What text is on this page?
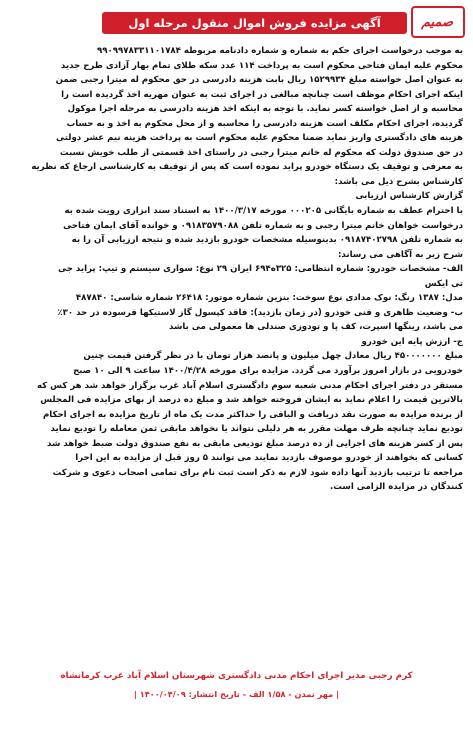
صمیم
آگهی مزایده فروش اموال منقول مرحله اول
به موجب درخواست اجرای حکم به شماره و شماره دادنامه مربوطه ۹۹۰۹۹۷۸۳۳۱۱۰۱۷۸۴
محکوم علیه ایمان فتاحی محکوم است به پرداخت ۱۱۴ عدد سکه طلای تمام بهار آزادی طرح جدید
به عنوان اصل خواسته مبلغ ۱۵۲۹۹۳۴ ریال بابت هزینه دادرسی در حق محکوم له میترا رجبی ضمن
اینکه اجرای احکام موظف است چنانچه مبالغی در اجرای ثبت به عنوان مهریه اخذ گردیده است را
محاسبه و از اصل خواسته کسر نماید. با توجه به اینکه اخذ هزینه دادرسی به مرحله اجرا موکول
گردیده، اجرای احکام مکلف است هزینه دادرسی را محاسبه و از محل محکوم به اخذ و به حساب
هزینه های دادگستری واریز نماید ضمنا محکوم علیه محکوم است به پرداخت هزینه نیم عشر دولتی
در حق صندوق دولت که محکوم له خانم میترا رجبی در راستای اخذ قسمتی از طلب خویش نسبت
به معرفی و توقیف یک دستگاه خودرو پراید نموده است که پس از توقیف به کارشناسی ارجاع که نظریه
کارشناس بشرح ذیل می باشد:
گزارش کارشناس ارزیابی
با احترام عطف به شماره بایگانی ۰۰۰۲۰۵ مورخه ۱۴۰۰/۳/۱۷ به استناد سند ابزاری رویت شده به
درخواست خواهان خانم میترا رجبی و به شماره تلفن ۰۹۱۸۳۵۷۹۰۸۸ و خوانده آقای ایمان فتاحی
به شماره تلفن ۰۹۱۸۷۴۰۲۷۹۸ بدینوسیله مشخصات خودرو بازدید شده و نتیجه ارزیابی آن را به
شرح زیر به آگاهی می رساند:
الف- مشخصات خودرو: شماره انتظامی: ۳۲۵ه۶۹۴ ایران ۲۹ نوع: سواری سیستم و تیپ: پراید جی
تی ایکس
مدل: ۱۳۸۷ رنگ: نوک مدادی نوع سوخت: بنزین شماره موتور: ۲۶۴۱۸ شماره شاسی: ۴۸۷۸۴۰
ب- وضعیت ظاهری و فنی خودرو (در زمان بازدید): فاقد کپسول گاز لاستیکها فرسوده در حد ۳۰٪
می باشد، رینگها اسپرت، کف پا و تودوزی صندلی ها معمولی می باشد
ج- ارزش پایه این خودرو
مبلغ ۴۵۰۰۰۰۰۰۰ ریال معادل چهل میلیون و پانصد هزار تومان با در نظر گرفتن قیمت چنین
خودرویی در بازار امروز برآورد می گردد. مزایده برای مورخه ۱۴۰۰/۴/۲۸ ساعت ۹ الی ۱۰ صبح
مستقر در دفتر اجرای احکام مدنی شعبه سوم دادگستری اسلام آباد غرب برگزار خواهد شد هر کس که
بالاترین قیمت را اعلام نماید به ایشان فروخته خواهد شد و مبلغ ده درصد از بهای مزایده فی المجلس
از برنده مزایده به صورت نقد دریافت و الباقی را حداکثر مدت یک ماه از تاریخ مزایده به اجرای احکام
تودیع نماید چنانچه ظرف مهلت مقرر به هر دلیلی نتواند یا نخواهد مابقی ثمن معامله را تودیع نماید
پس از کسر هزینه های اجرایی از ده درصد مبلغ تودیعی مابقی به نفع صندوق دولت ضبط خواهد شد
کسانی که بخواهند از خودرو موصوف بازدید نمایند می توانند ۵ روز قبل از مزایده به این اجرا
مراجعه تا ترتیب بازدید آنها داده شود لازم به ذکر است ثبت نام برای تمامی اصحاب دعوی و شرکت
کنندگان در مزایده الزامی است.
کرم رجبی مدیر اجرای احکام مدنی دادگستری شهرستان اسلام آباد غرب کرمانشاه
| مهر تمدن - ۱/۵۸ الف - تاریخ انتشار: ۱۴۰۰/۰۴/۰۹ |
